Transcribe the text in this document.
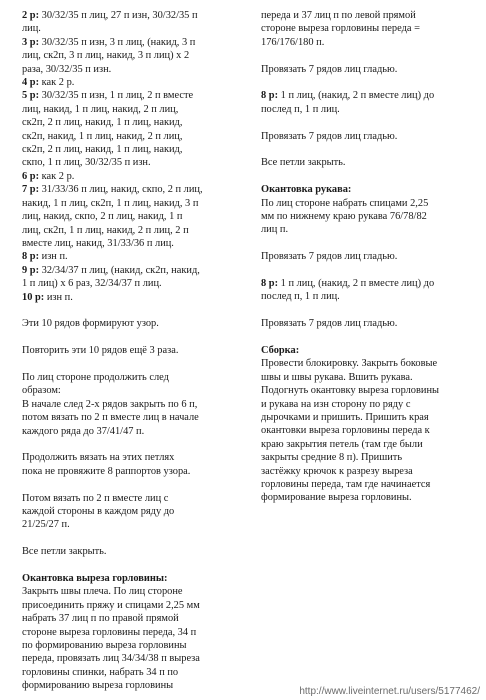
2 р: 30/32/35 п лиц, 27 п изн, 30/32/35 п
лиц.
3 р: 30/32/35 п изн, 3 п лиц, (накид, 3 п
лиц, ск2п, 3 п лиц, накид, 3 п лиц) х 2
раза, 30/32/35 п изн.
4 р: как 2 р.
5 р: 30/32/35 п изн, 1 п лиц, 2 п вместе
лиц, накид, 1 п лиц, накид, 2 п лиц,
ск2п, 2 п лиц, накид, 1 п лиц, накид,
ск2п, накид, 1 п лиц, накид, 2 п лиц,
ск2п, 2 п лиц, накид, 1 п лиц, накид,
скпо, 1 п лиц, 30/32/35 п изн.
6 р: как 2 р.
7 р: 31/33/36 п лиц, накид, скпо, 2 п лиц,
накид, 1 п лиц, ск2п, 1 п лиц, накид, 3 п
лиц, накид, скпо, 2 п лиц, накид, 1 п
лиц, ск2п, 1 п лиц, накид, 2 п лиц, 2 п
вместе лиц, накид, 31/33/36 п лиц.
8 р: изн п.
9 р: 32/34/37 п лиц, (накид, ск2п, накид,
1 п лиц) х 6 раз, 32/34/37 п лиц.
10 р: изн п.
Эти 10 рядов формируют узор.
Повторить эти 10 рядов ещё 3 раза.
По лиц стороне продолжить след
образом:
В начале след 2-х рядов закрыть по 6 п,
потом вязать по 2 п вместе лиц в начале
каждого ряда до 37/41/47 п.
Продолжить вязать на этих петлях
пока не провяжите 8 раппортов узора.
Потом вязать по 2 п вместе лиц с
каждой стороны в каждом ряду до
21/25/27 п.
Все петли закрыть.
Окантовка выреза горловины:
Закрыть швы плеча. По лиц стороне
присоединить пряжу и спицами 2,25 мм
набрать 37 лиц п по правой прямой
стороне выреза горловины переда, 34 п
по формированию выреза горловины
переда, провязать лиц 34/34/38 п выреза
горловины спинки, набрать 34 п по
формированию выреза горловины
переда и 37 лиц п по левой прямой
стороне выреза горловины переда =
176/176/180 п.
Провязать 7 рядов лиц гладью.
8 р: 1 п лиц, (накид, 2 п вместе лиц) до
послед п, 1 п лиц.
Провязать 7 рядов лиц гладью.
Все петли закрыть.
Окантовка рукава:
По лиц стороне набрать спицами 2,25
мм по нижнему краю рукава 76/78/82
лиц п.
Провязать 7 рядов лиц гладью.
8 р: 1 п лиц, (накид, 2 п вместе лиц) до
послед п, 1 п лиц.
Провязать 7 рядов лиц гладью.
Сборка:
Провести блокировку. Закрыть боковые
швы и швы рукава. Вшить рукава.
Подогнуть окантовку выреза горловины
и рукава на изн сторону по ряду с
дырочками и пришить. Пришить края
окантовки выреза горловины переда к
краю закрытия петель (там где были
закрыты средние 8 п). Пришить
застёжку крючок к разрезу выреза
горловины переда, там где начинается
формирование выреза горловины.
http://www.liveinternet.ru/users/5177462/
